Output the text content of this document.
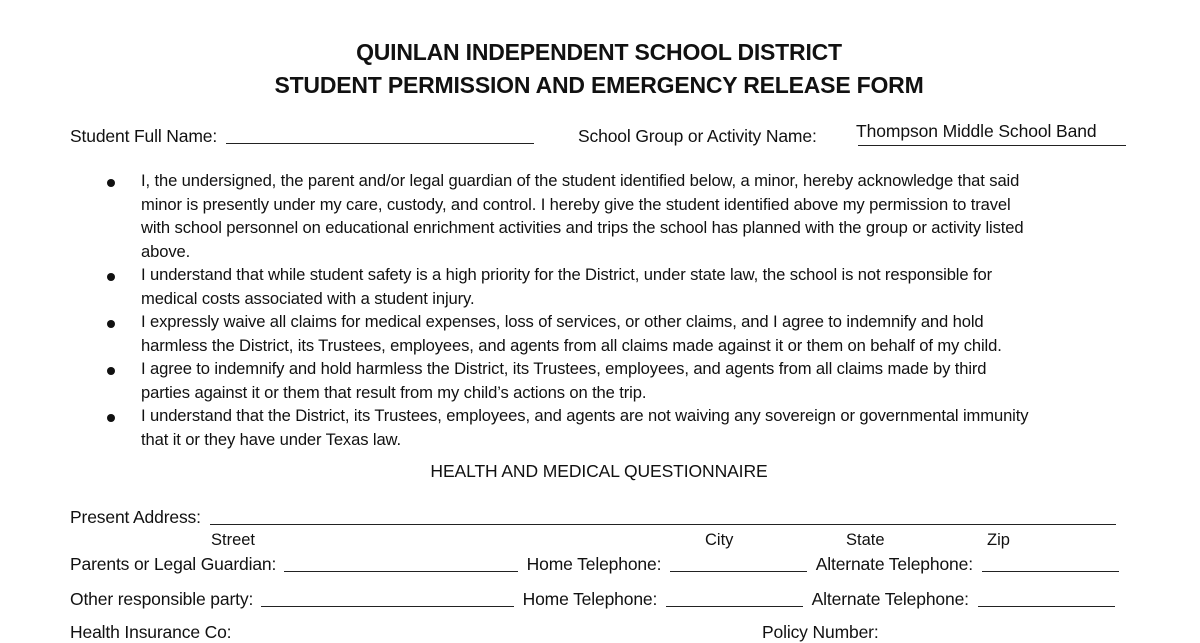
QUINLAN INDEPENDENT SCHOOL DISTRICT
STUDENT PERMISSION AND EMERGENCY RELEASE FORM
Student Full Name:	School Group or Activity Name: Thompson Middle School Band
I, the undersigned, the parent and/or legal guardian of the student identified below, a minor, hereby acknowledge that said
minor is presently under my care, custody, and control. I hereby give the student identified above my permission to travel
with school personnel on educational enrichment activities and trips the school has planned with the group or activity listed
above.
I understand that while student safety is a high priority for the District, under state law, the school is not responsible for
medical costs associated with a student injury.
I expressly waive all claims for medical expenses, loss of services, or other claims, and I agree to indemnify and hold
harmless the District, its Trustees, employees, and agents from all claims made against it or them on behalf of my child.
I agree to indemnify and hold harmless the District, its Trustees, employees, and agents from all claims made by third
parties against it or them that result from my child’s actions on the trip.
I understand that the District, its Trustees, employees, and agents are not waiving any sovereign or governmental immunity
that it or they have under Texas law.
HEALTH AND MEDICAL QUESTIONNAIRE
Present Address:
Street	City	State	Zip
Parents or Legal Guardian:	Home Telephone:	Alternate Telephone:
Other responsible party:	Home Telephone:	Alternate Telephone:
Health Insurance Co:	Policy Number:
